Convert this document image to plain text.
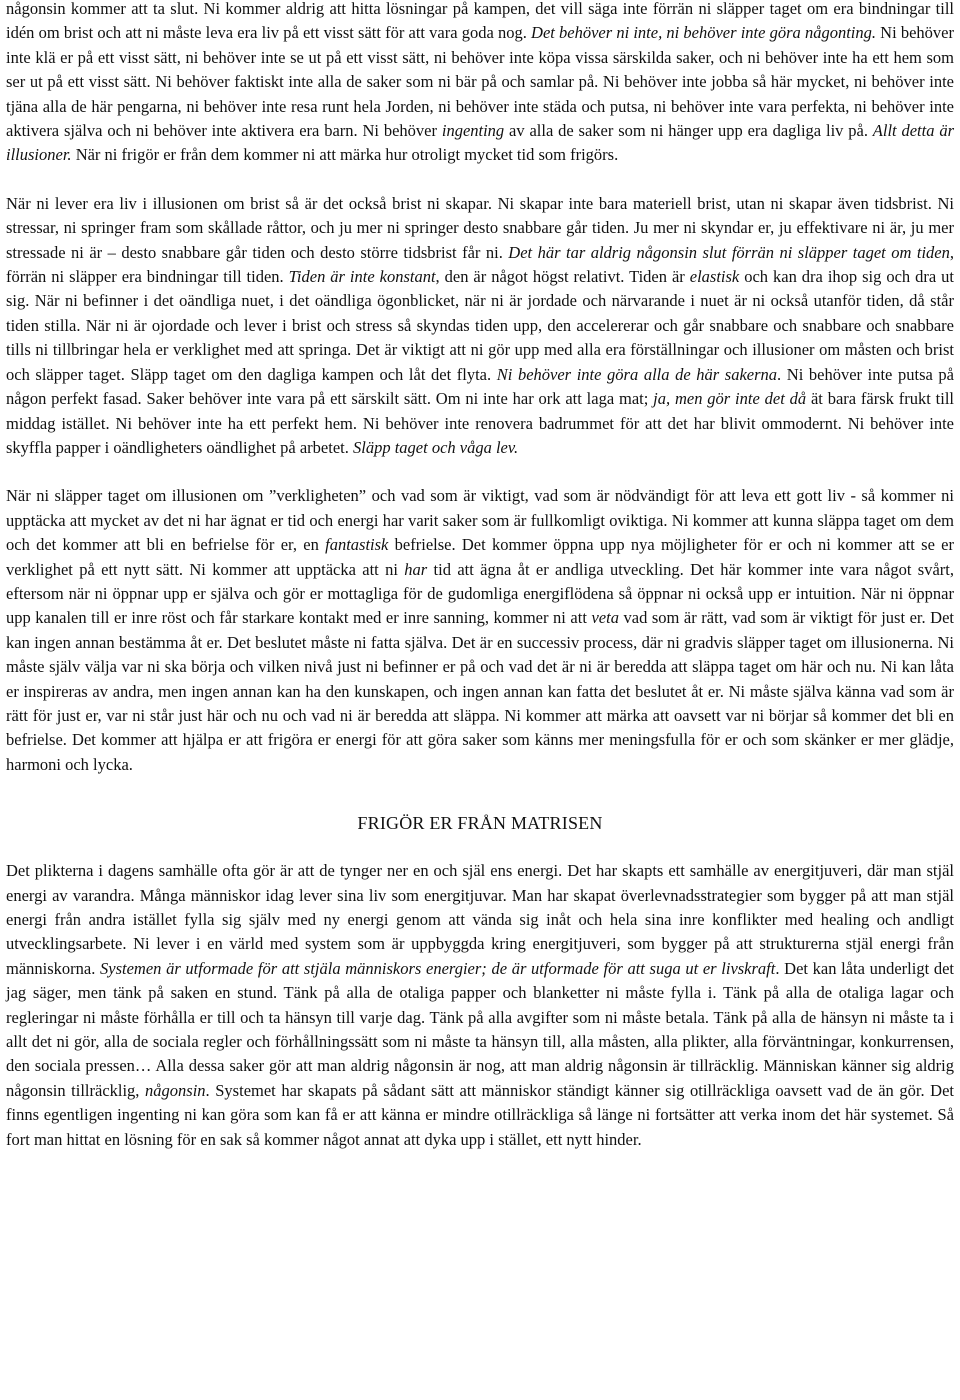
någonsin kommer att ta slut. Ni kommer aldrig att hitta lösningar på kampen, det vill säga inte förrän ni släpper taget om era bindningar till idén om brist och att ni måste leva era liv på ett visst sätt för att vara goda nog. Det behöver ni inte, ni behöver inte göra någonting. Ni behöver inte klä er på ett visst sätt, ni behöver inte se ut på ett visst sätt, ni behöver inte köpa vissa särskilda saker, och ni behöver inte ha ett hem som ser ut på ett visst sätt. Ni behöver faktiskt inte alla de saker som ni bär på och samlar på. Ni behöver inte jobba så här mycket, ni behöver inte tjäna alla de här pengarna, ni behöver inte resa runt hela Jorden, ni behöver inte städa och putsa, ni behöver inte vara perfekta, ni behöver inte aktivera själva och ni behöver inte aktivera era barn. Ni behöver ingenting av alla de saker som ni hänger upp era dagliga liv på. Allt detta är illusioner. När ni frigör er från dem kommer ni att märka hur otroligt mycket tid som frigörs.

När ni lever era liv i illusionen om brist så är det också brist ni skapar. Ni skapar inte bara materiell brist, utan ni skapar även tidsbrist. Ni stressar, ni springer fram som skållade råttor, och ju mer ni springer desto snabbare går tiden. Ju mer ni skyndar er, ju effektivare ni är, ju mer stressade ni är – desto snabbare går tiden och desto större tidsbrist får ni. Det här tar aldrig någonsin slut förrän ni släpper taget om tiden, förrän ni släpper era bindningar till tiden. Tiden är inte konstant, den är något högst relativt. Tiden är elastisk och kan dra ihop sig och dra ut sig. När ni befinner i det oändliga nuet, i det oändliga ögonblicket, när ni är jordade och närvarande i nuet är ni också utanför tiden, då står tiden stilla. När ni är ojordade och lever i brist och stress så skyndas tiden upp, den accelererar och går snabbare och snabbare och snabbare tills ni tillbringar hela er verklighet med att springa. Det är viktigt att ni gör upp med alla era förställningar och illusioner om måsten och brist och släpper taget. Släpp taget om den dagliga kampen och låt det flyta. Ni behöver inte göra alla de här sakerna. Ni behöver inte putsa på någon perfekt fasad. Saker behöver inte vara på ett särskilt sätt. Om ni inte har ork att laga mat; ja, men gör inte det då ät bara färsk frukt till middag istället. Ni behöver inte ha ett perfekt hem. Ni behöver inte renovera badrummet för att det har blivit ommodernt. Ni behöver inte skyffla papper i oändligheters oändlighet på arbetet. Släpp taget och våga lev.

När ni släpper taget om illusionen om ”verkligheten” och vad som är viktigt, vad som är nödvändigt för att leva ett gott liv - så kommer ni upptäcka att mycket av det ni har ägnat er tid och energi har varit saker som är fullkomligt oviktiga. Ni kommer att kunna släppa taget om dem och det kommer att bli en befrielse för er, en fantastisk befrielse. Det kommer öppna upp nya möjligheter för er och ni kommer att se er verklighet på ett nytt sätt. Ni kommer att upptäcka att ni har tid att ägna åt er andliga utveckling. Det här kommer inte vara något svårt, eftersom när ni öppnar upp er själva och gör er mottagliga för de gudomliga energiflödena så öppnar ni också upp er intuition. När ni öppnar upp kanalen till er inre röst och får starkare kontakt med er inre sanning, kommer ni att veta vad som är rätt, vad som är viktigt för just er. Det kan ingen annan bestämma åt er. Det beslutet måste ni fatta själva. Det är en successiv process, där ni gradvis släpper taget om illusionerna. Ni måste själv välja var ni ska börja och vilken nivå just ni befinner er på och vad det är ni är beredda att släppa taget om här och nu. Ni kan låta er inspireras av andra, men ingen annan kan ha den kunskapen, och ingen annan kan fatta det beslutet åt er. Ni måste själva känna vad som är rätt för just er, var ni står just här och nu och vad ni är beredda att släppa. Ni kommer att märka att oavsett var ni börjar så kommer det bli en befrielse. Det kommer att hjälpa er att frigöra er energi för att göra saker som känns mer meningsfulla för er och som skänker er mer glädje, harmoni och lycka.

FRIGÖR ER FRÅN MATRISEN

Det plikterna i dagens samhälle ofta gör är att de tynger ner en och själ ens energi. Det har skapts ett samhälle av energitjuveri, där man stjäl energi av varandra. Många människor idag lever sina liv som energitjuvar. Man har skapat överlevnadsstrategier som bygger på att man stjäl energi från andra istället fylla sig själv med ny energi genom att vända sig inåt och hela sina inre konflikter med healing och andligt utvecklingsarbete. Ni lever i en värld med system som är uppbyggda kring energitjuveri, som bygger på att strukturerna stjäl energi från människorna. Systemen är utformade för att stjäla människors energier; de är utformade för att suga ut er livskraft. Det kan låta underligt det jag säger, men tänk på saken en stund. Tänk på alla de otaliga papper och blanketter ni måste fylla i. Tänk på alla de otaliga lagar och regleringar ni måste förhålla er till och ta hänsyn till varje dag. Tänk på alla avgifter som ni måste betala. Tänk på alla de hänsyn ni måste ta i allt det ni gör, alla de sociala regler och förhållningssätt som ni måste ta hänsyn till, alla måsten, alla plikter, alla förväntningar, konkurrensen, den sociala pressen… Alla dessa saker gör att man aldrig någonsin är nog, att man aldrig någonsin är tillräcklig. Människan känner sig aldrig någonsin tillräcklig, någonsin. Systemet har skapats på sådant sätt att människor ständigt känner sig otillräckliga oavsett vad de än gör. Det finns egentligen ingenting ni kan göra som kan få er att känna er mindre otillräckliga så länge ni fortsätter att verka inom det här systemet. Så fort man hittat en lösning för en sak så kommer något annat att dyka upp i stället, ett nytt hinder.
